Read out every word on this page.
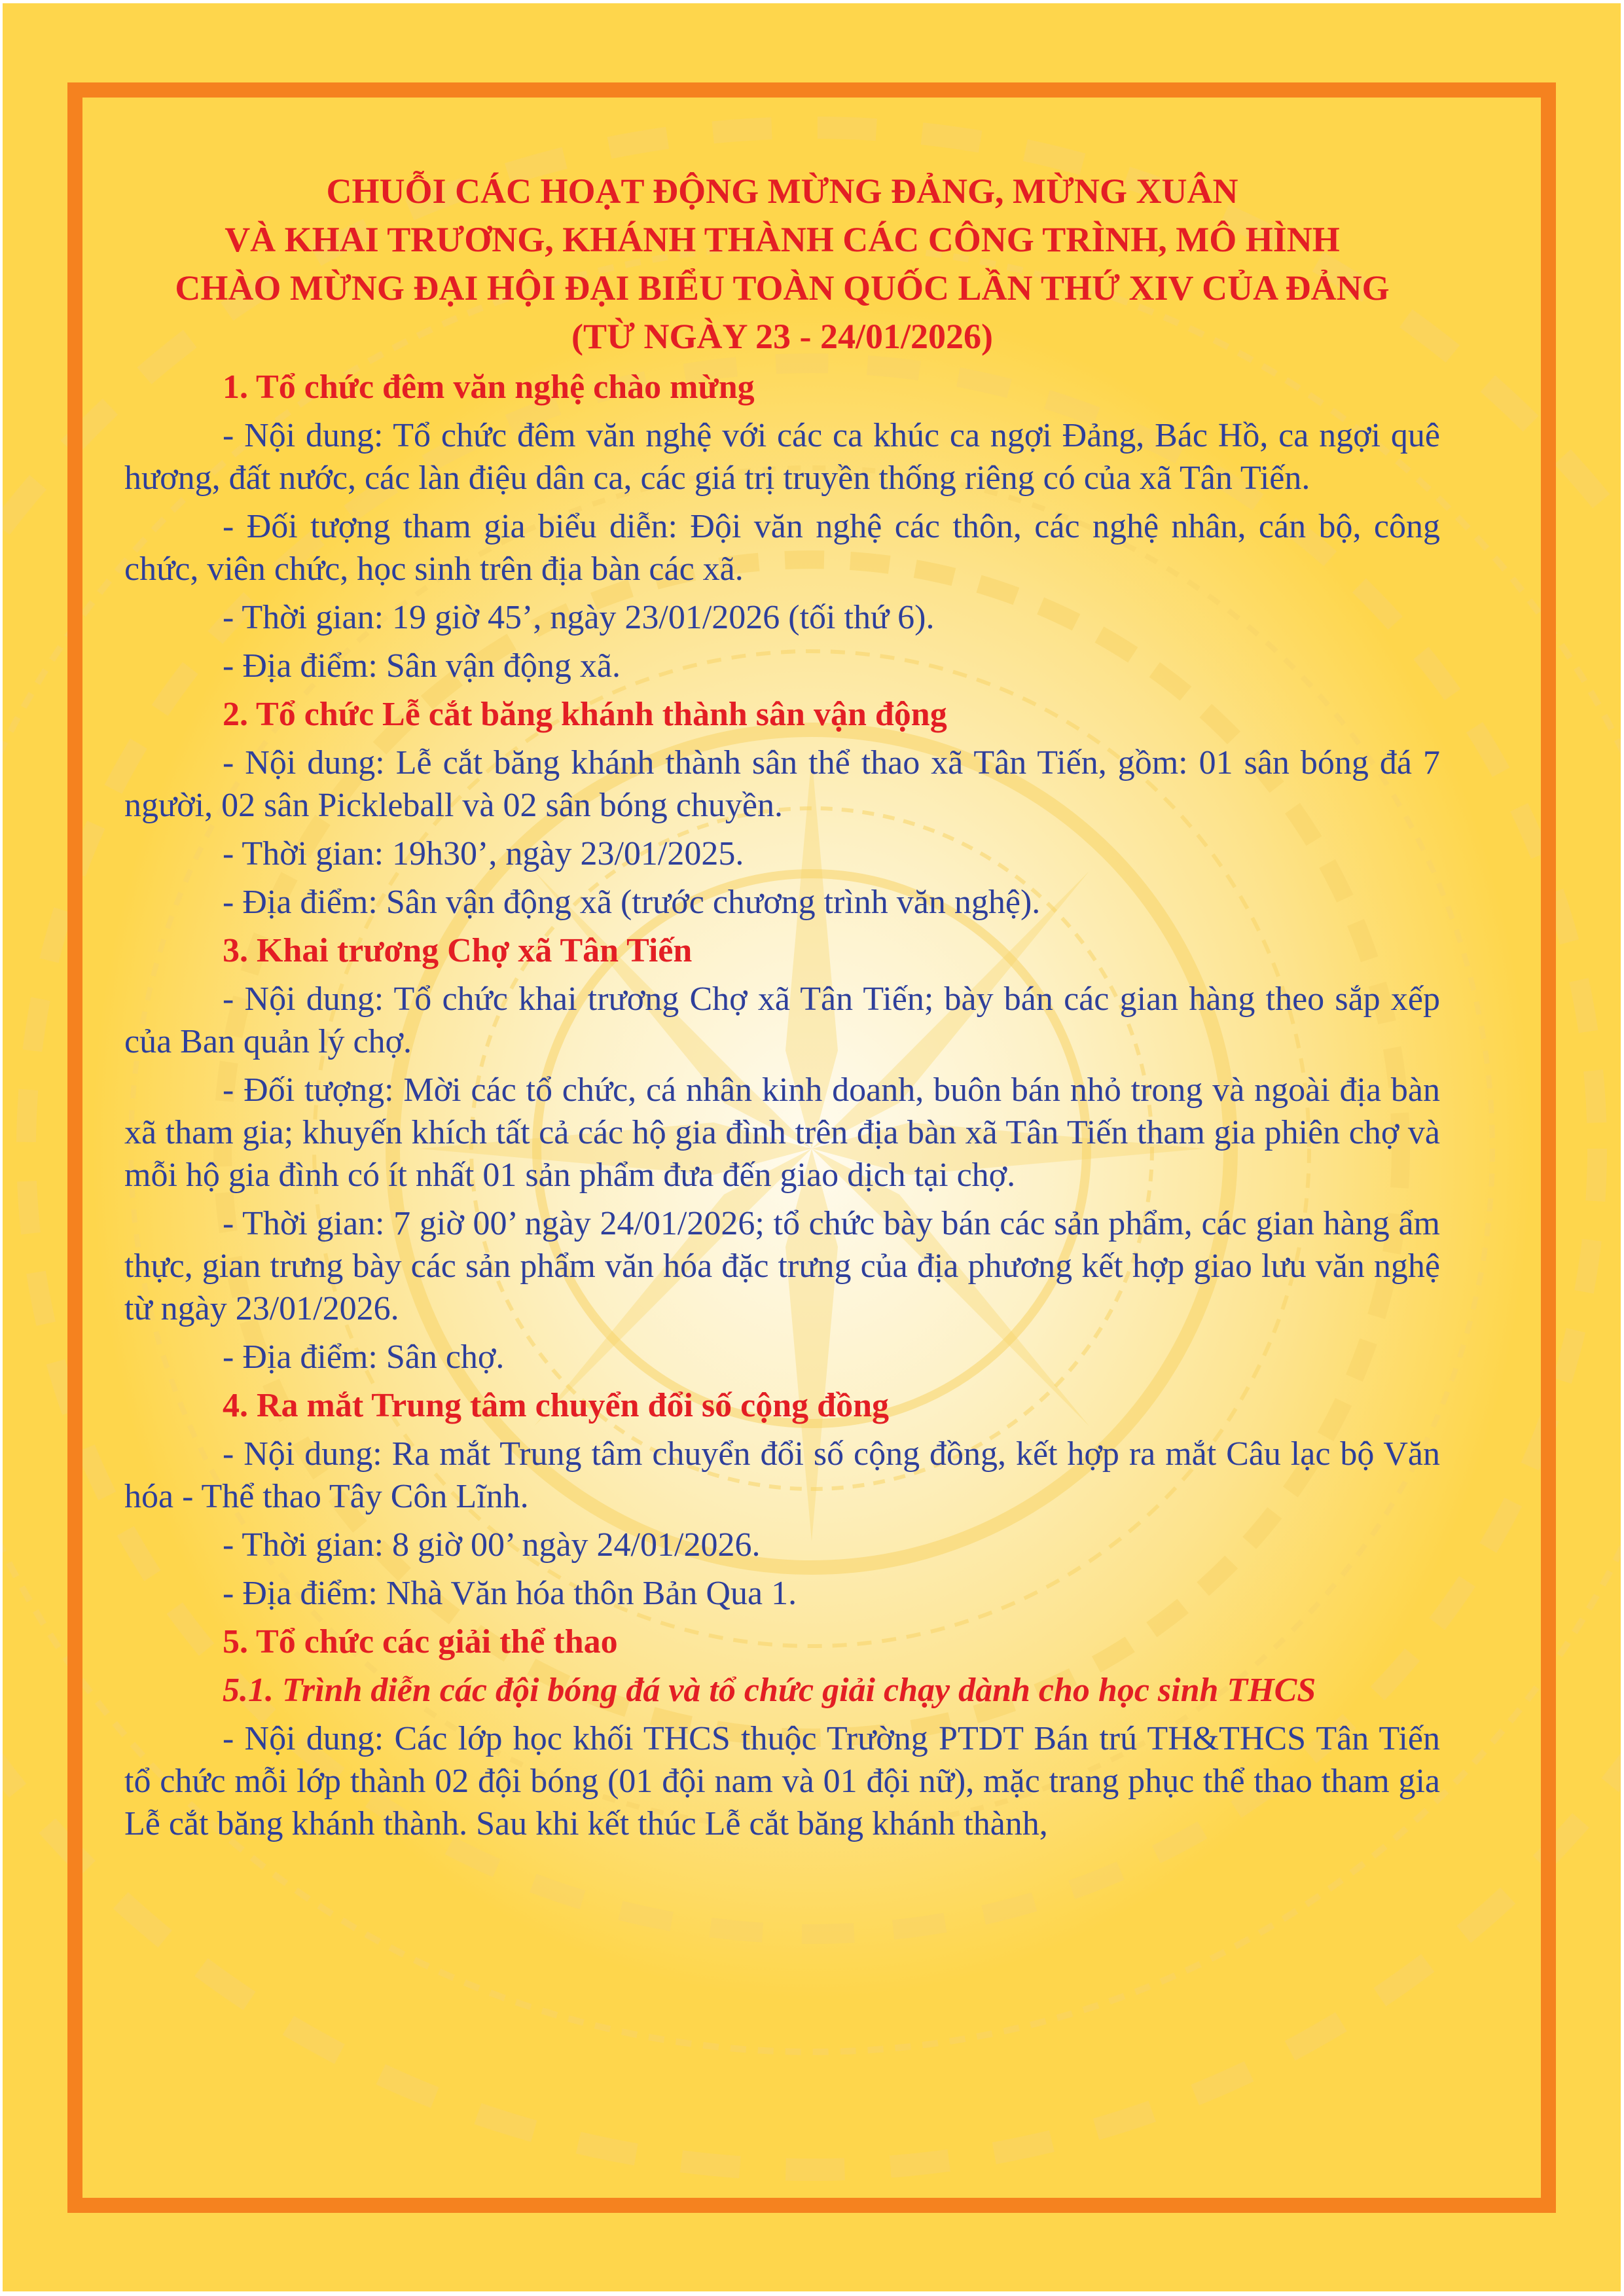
CHUỖI CÁC HOẠT ĐỘNG MỪNG ĐẢNG, MỪNG XUÂN
VÀ KHAI TRƯƠNG, KHÁNH THÀNH CÁC CÔNG TRÌNH, MÔ HÌNH
CHÀO MỪNG ĐẠI HỘI ĐẠI BIỂU TOÀN QUỐC LẦN THỨ XIV CỦA ĐẢNG
(TỪ NGÀY 23 - 24/01/2026)
1. Tổ chức đêm văn nghệ chào mừng

- Nội dung: Tổ chức đêm văn nghệ với các ca khúc ca ngợi Đảng, Bác Hồ, ca ngợi quê hương, đất nước, các làn điệu dân ca, các giá trị truyền thống riêng có của xã Tân Tiến.

- Đối tượng tham gia biểu diễn: Đội văn nghệ các thôn, các nghệ nhân, cán bộ, công chức, viên chức, học sinh trên địa bàn các xã.

- Thời gian: 19 giờ 45’, ngày 23/01/2026 (tối thứ 6).

- Địa điểm: Sân vận động xã.

2. Tổ chức Lễ cắt băng khánh thành sân vận động

- Nội dung: Lễ cắt băng khánh thành sân thể thao xã Tân Tiến, gồm: 01 sân bóng đá 7 người, 02 sân Pickleball và 02 sân bóng chuyền.

- Thời gian: 19h30’, ngày 23/01/2025.

- Địa điểm: Sân vận động xã (trước chương trình văn nghệ).

3. Khai trương Chợ xã Tân Tiến

- Nội dung: Tổ chức khai trương Chợ xã Tân Tiến; bày bán các gian hàng theo sắp xếp của Ban quản lý chợ.

- Đối tượng: Mời các tổ chức, cá nhân kinh doanh, buôn bán nhỏ trong và ngoài địa bàn xã tham gia; khuyến khích tất cả các hộ gia đình trên địa bàn xã Tân Tiến tham gia phiên chợ và mỗi hộ gia đình có ít nhất 01 sản phẩm đưa đến giao dịch tại chợ.

- Thời gian: 7 giờ 00’ ngày 24/01/2026; tổ chức bày bán các sản phẩm, các gian hàng ẩm thực, gian trưng bày các sản phẩm văn hóa đặc trưng của địa phương kết hợp giao lưu văn nghệ từ ngày 23/01/2026.

- Địa điểm: Sân chợ.

4. Ra mắt Trung tâm chuyển đổi số cộng đồng

- Nội dung: Ra mắt Trung tâm chuyển đổi số cộng đồng, kết hợp ra mắt Câu lạc bộ Văn hóa - Thể thao Tây Côn Lĩnh.

- Thời gian: 8 giờ 00’ ngày 24/01/2026.

- Địa điểm: Nhà Văn hóa thôn Bản Qua 1.

5. Tổ chức các giải thể thao
5.1. Trình diễn các đội bóng đá và tổ chức giải chạy dành cho học sinh THCS

- Nội dung: Các lớp học khối THCS thuộc Trường PTDT Bán trú TH&THCS Tân Tiến tổ chức mỗi lớp thành 02 đội bóng (01 đội nam và 01 đội nữ), mặc trang phục thể thao tham gia Lễ cắt băng khánh thành. Sau khi kết thúc Lễ cắt băng khánh thành,
